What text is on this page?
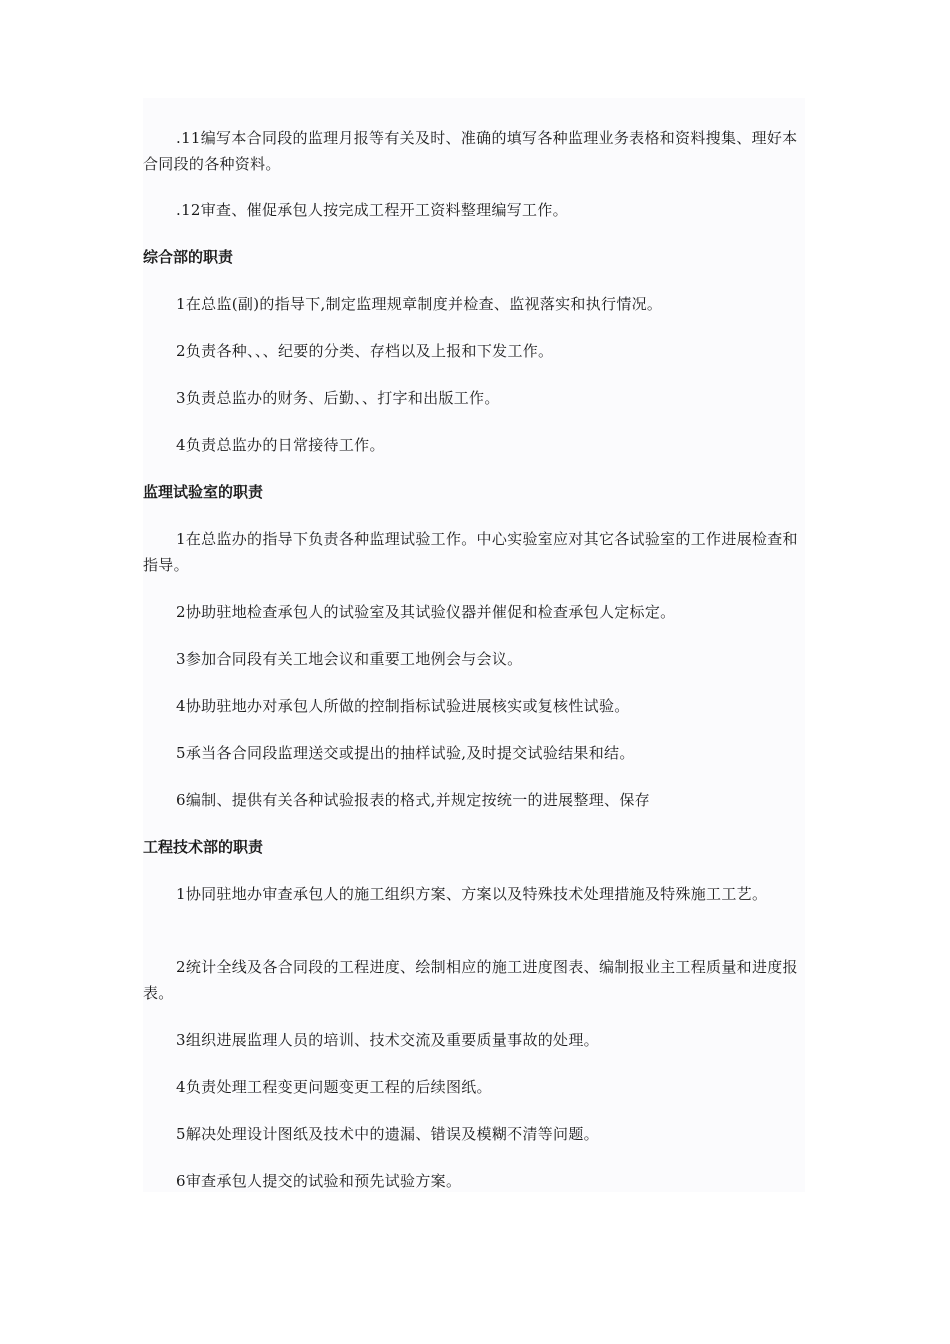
.11编写本合同段的监理月报等有关及时、准确的填写各种监理业务表格和资料搜集、理好本合同段的各种资料。

.12审查、催促承包人按完成工程开工资料整理编写工作。

综合部的职责

1在总监(副)的指导下,制定监理规章制度并检查、监视落实和执行情况。

2负责各种、、、纪要的分类、存档以及上报和下发工作。

3负责总监办的财务、后勤、、打字和出版工作。

4负责总监办的日常接待工作。

监理试验室的职责

1在总监办的指导下负责各种监理试验工作。中心实验室应对其它各试验室的工作进展检查和指导。

2协助驻地检查承包人的试验室及其试验仪器并催促和检查承包人定标定。

3参加合同段有关工地会议和重要工地例会与会议。

4协助驻地办对承包人所做的控制指标试验进展核实或复核性试验。

5承当各合同段监理送交或提出的抽样试验,及时提交试验结果和结。

6编制、提供有关各种试验报表的格式,并规定按统一的进展整理、保存

工程技术部的职责

1协同驻地办审查承包人的施工组织方案、方案以及特殊技术处理措施及特殊施工工艺。

2统计全线及各合同段的工程进度、绘制相应的施工进度图表、编制报业主工程质量和进度报表。

3组织进展监理人员的培训、技术交流及重要质量事故的处理。

4负责处理工程变更问题变更工程的后续图纸。

5解决处理设计图纸及技术中的遗漏、错误及模糊不清等问题。

6审查承包人提交的试验和预先试验方案。
